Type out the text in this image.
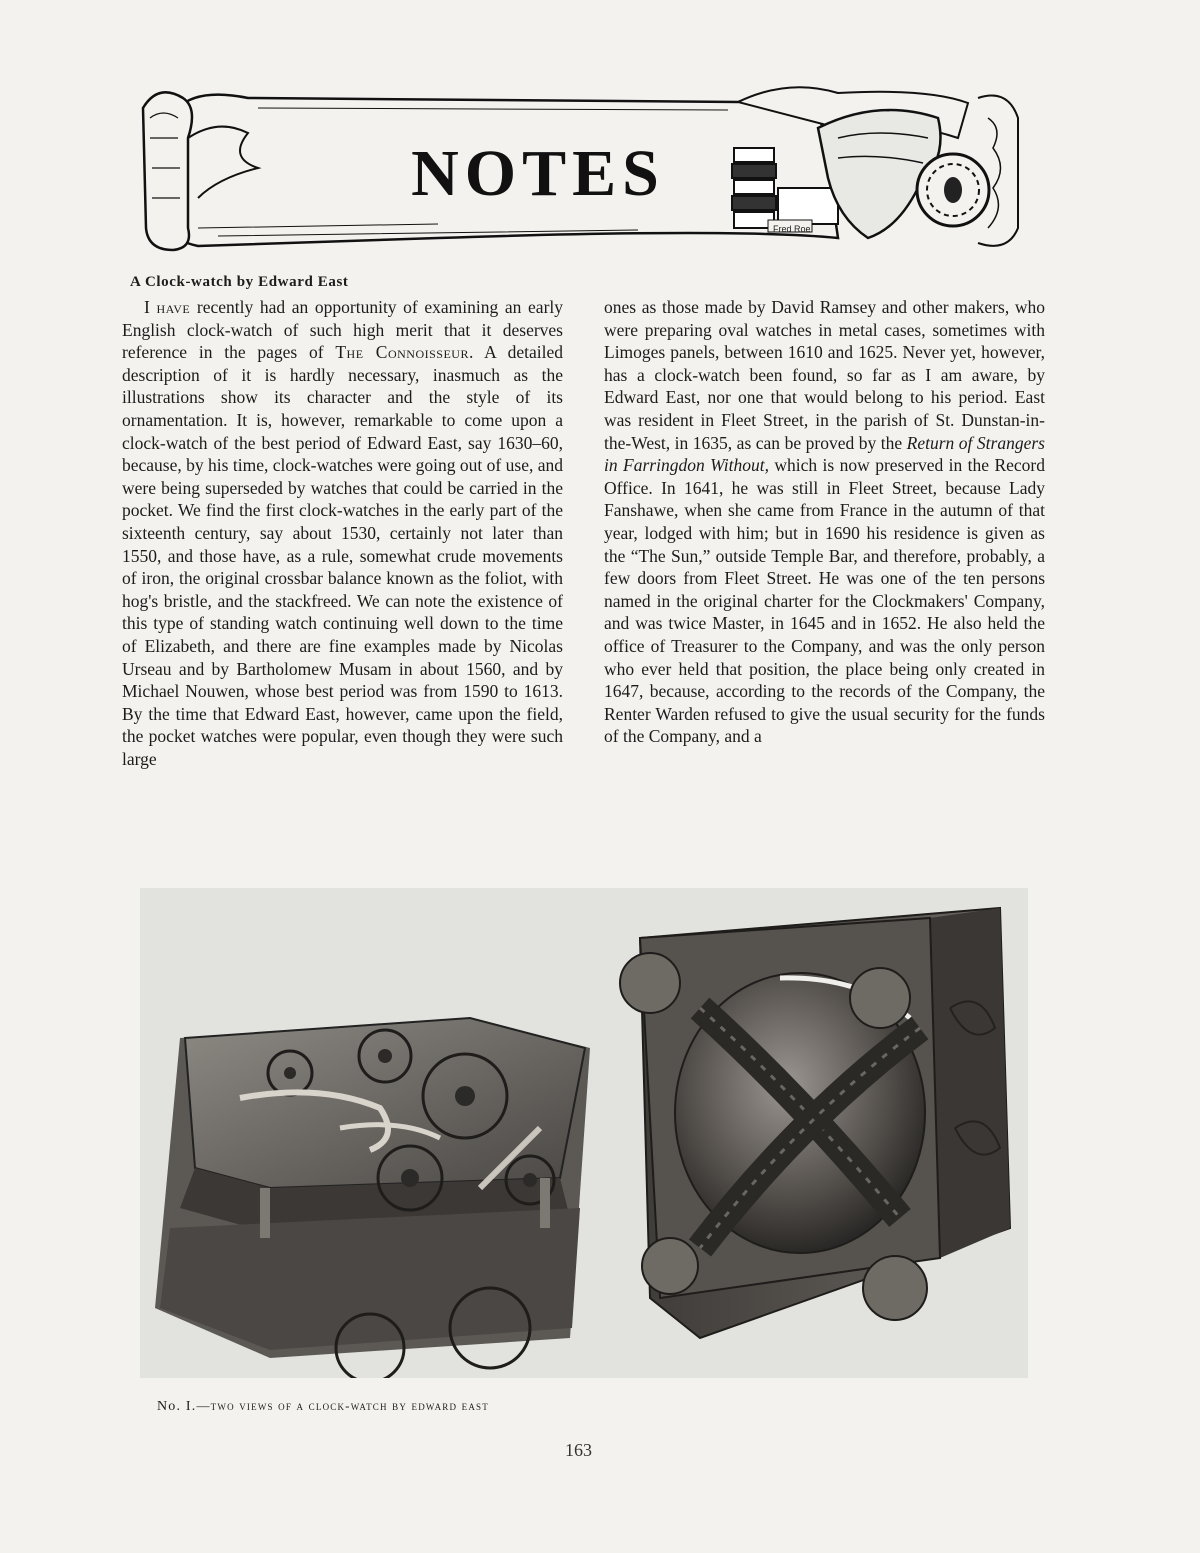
NOTES
Fred Roe
A Clock-watch by Edward East

I have recently had an opportunity of examining an early English clock-watch of such high merit that it deserves reference in the pages of The Connoisseur. A detailed description of it is hardly necessary, inasmuch as the illustrations show its character and the style of its ornamentation. It is, however, remarkable to come upon a clock-watch of the best period of Edward East, say 1630–60, because, by his time, clock-watches were going out of use, and were being superseded by watches that could be carried in the pocket. We find the first clock-watches in the early part of the sixteenth century, say about 1530, certainly not later than 1550, and those have, as a rule, somewhat crude movements of iron, the original crossbar balance known as the foliot, with hog's bristle, and the stackfreed. We can note the existence of this type of standing watch continuing well down to the time of Elizabeth, and there are fine examples made by Nicolas Urseau and by Bartholomew Musam in about 1560, and by Michael Nouwen, whose best period was from 1590 to 1613. By the time that Edward East, however, came upon the field, the pocket watches were popular, even though they were such large

ones as those made by David Ramsey and other makers, who were preparing oval watches in metal cases, sometimes with Limoges panels, between 1610 and 1625. Never yet, however, has a clock-watch been found, so far as I am aware, by Edward East, nor one that would belong to his period. East was resident in Fleet Street, in the parish of St. Dunstan-in-the-West, in 1635, as can be proved by the Return of Strangers in Farringdon Without, which is now preserved in the Record Office. In 1641, he was still in Fleet Street, because Lady Fanshawe, when she came from France in the autumn of that year, lodged with him; but in 1690 his residence is given as the “The Sun,” outside Temple Bar, and therefore, probably, a few doors from Fleet Street. He was one of the ten persons named in the original charter for the Clockmakers' Company, and was twice Master, in 1645 and in 1652. He also held the office of Treasurer to the Company, and was the only person who ever held that position, the place being only created in 1647, because, according to the records of the Company, the Renter Warden refused to give the usual security for the funds of the Company, and a

No. I.—two views of a clock-watch by edward east
163
